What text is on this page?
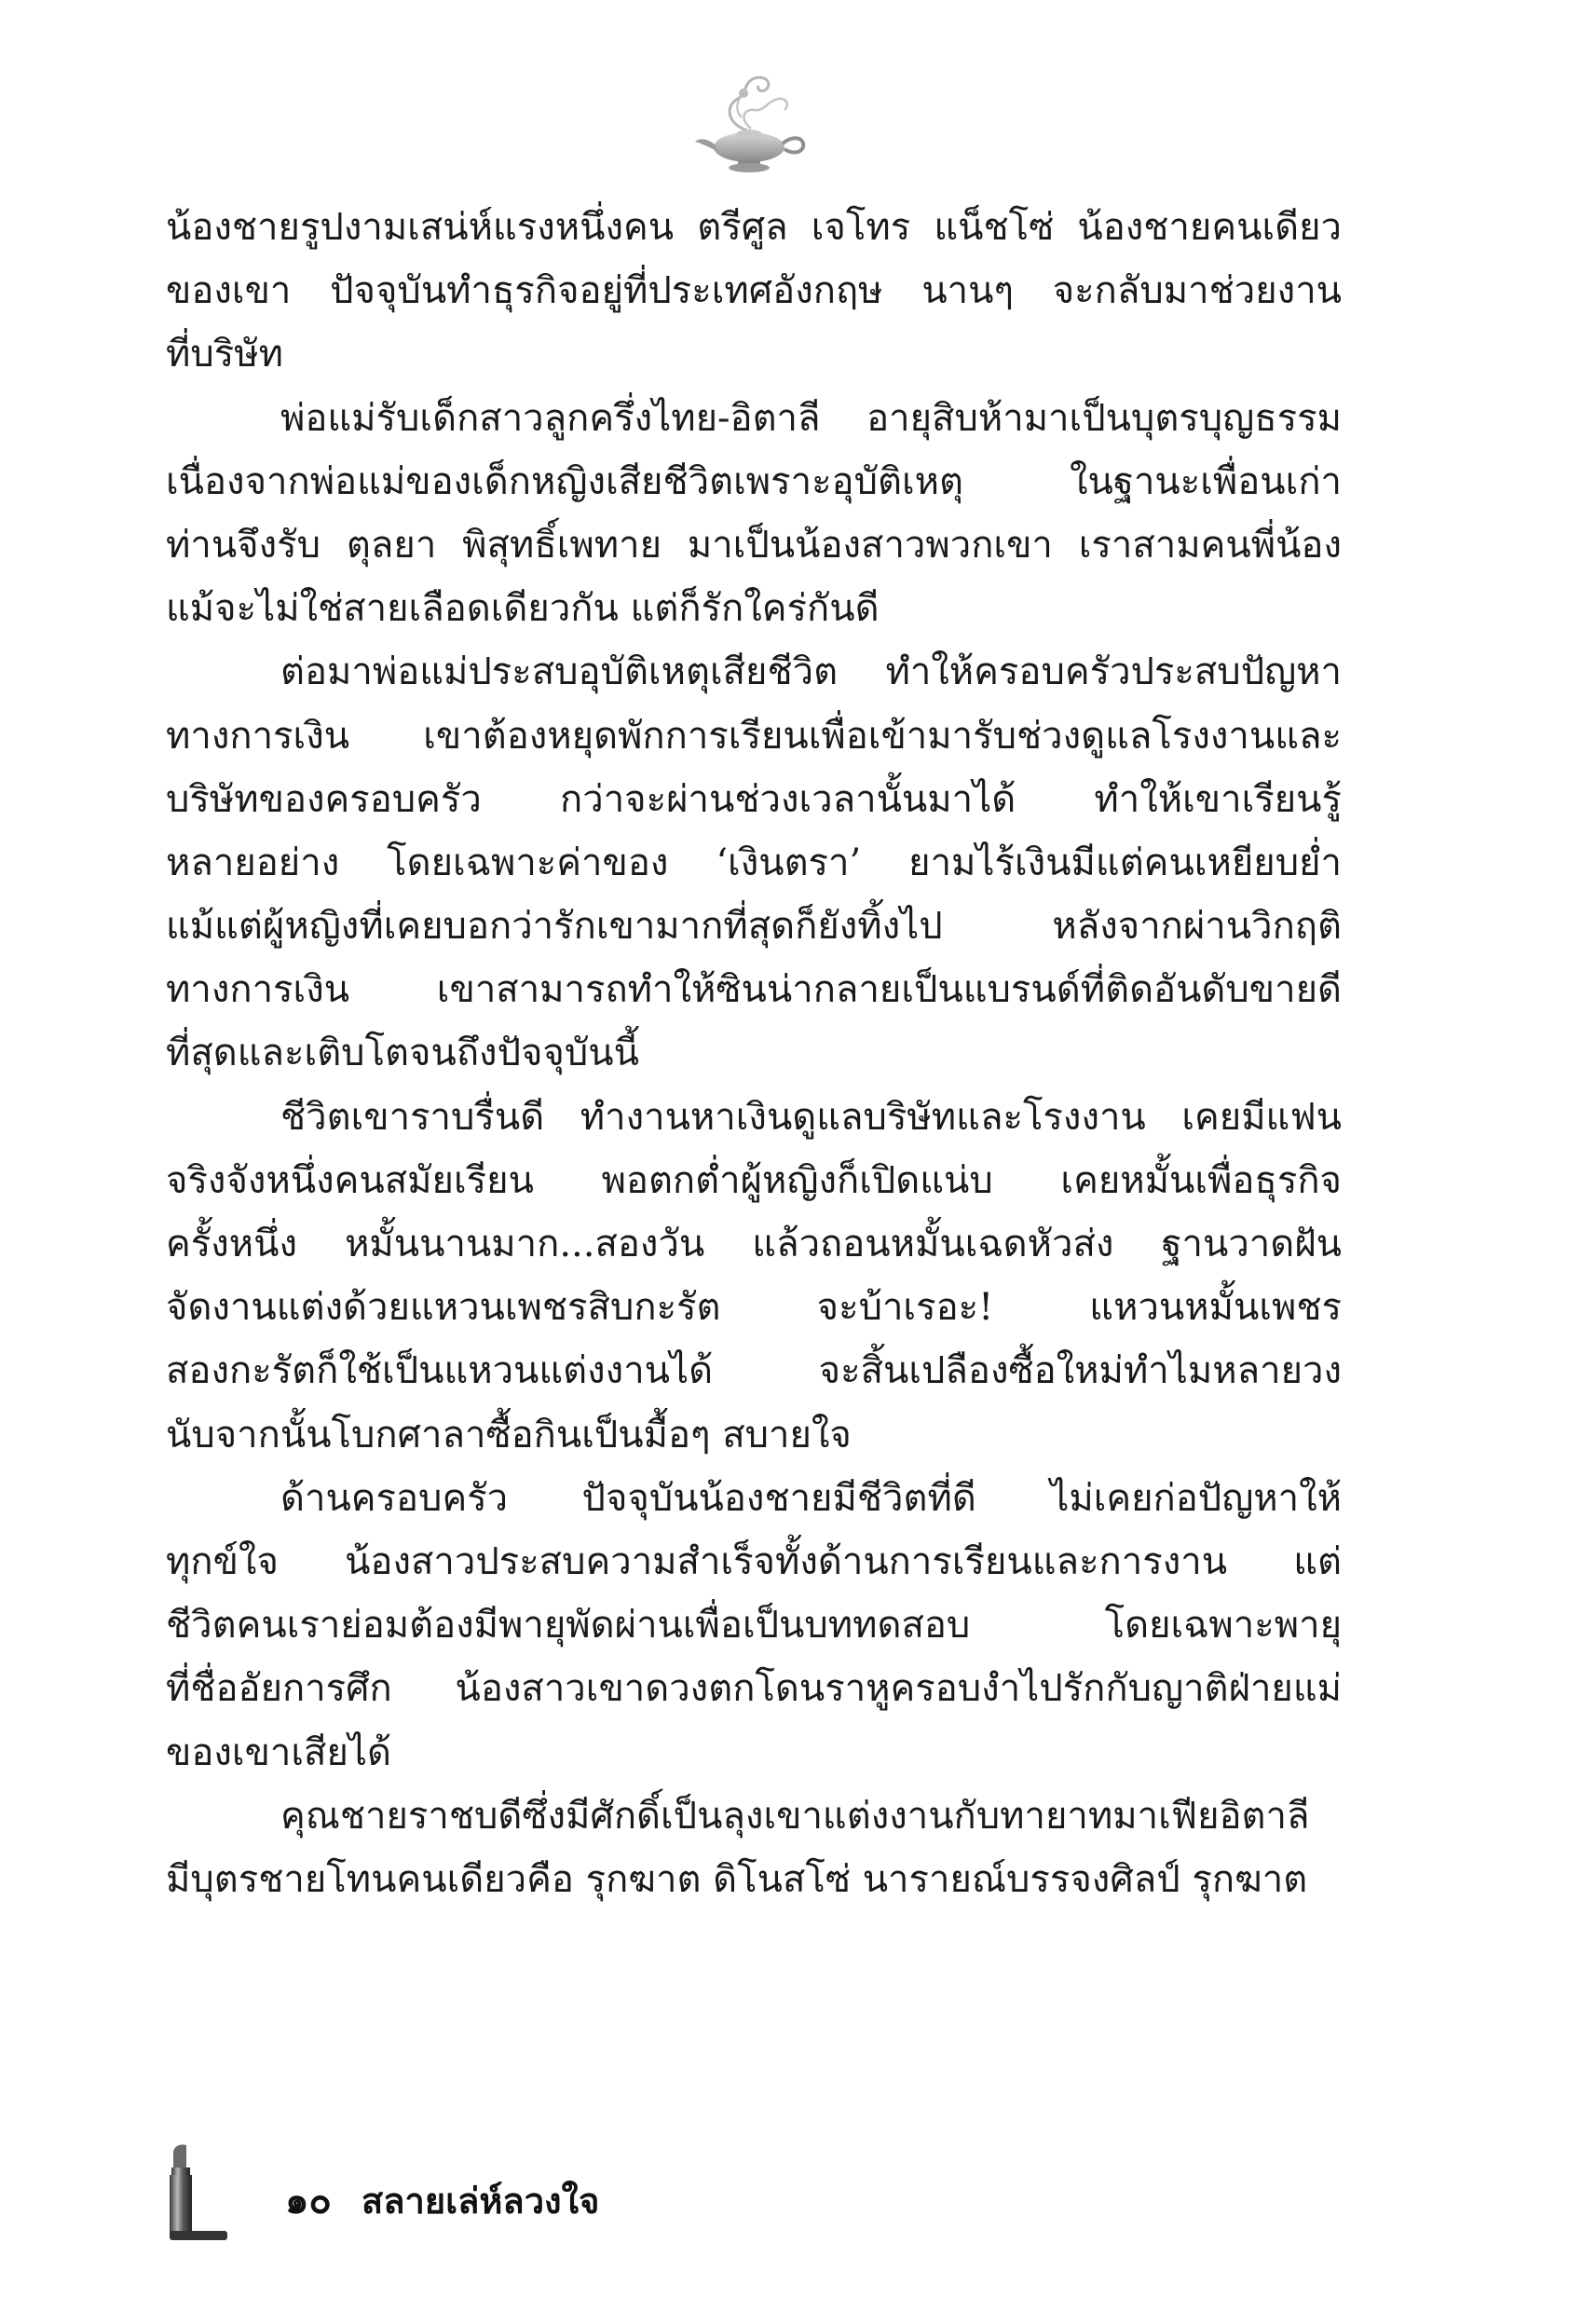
น้องชายรูปงามเสน่ห์แรงหนึ่งคน ตรีศูล เจโทร แน็ชโซ่ น้องชายคนเดียว
ของเขา ปัจจุบันทำธุรกิจอยู่ที่ประเทศอังกฤษ นานๆ จะกลับมาช่วยงาน
ที่บริษัท
พ่อแม่รับเด็กสาวลูกครึ่งไทย-อิตาลี อายุสิบห้ามาเป็นบุตรบุญธรรม
เนื่องจากพ่อแม่ของเด็กหญิงเสียชีวิตเพราะอุบัติเหตุ ในฐานะเพื่อนเก่า
ท่านจึงรับ ตุลยา พิสุทธิ์เพทาย มาเป็นน้องสาวพวกเขา เราสามคนพี่น้อง
แม้จะไม่ใช่สายเลือดเดียวกัน แต่ก็รักใคร่กันดี
ต่อมาพ่อแม่ประสบอุบัติเหตุเสียชีวิต ทำให้ครอบครัวประสบปัญหา
ทางการเงิน เขาต้องหยุดพักการเรียนเพื่อเข้ามารับช่วงดูแลโรงงานและ
บริษัทของครอบครัว กว่าจะผ่านช่วงเวลานั้นมาได้ ทำให้เขาเรียนรู้
หลายอย่าง โดยเฉพาะค่าของ ‘เงินตรา’ ยามไร้เงินมีแต่คนเหยียบย่ำ
แม้แต่ผู้หญิงที่เคยบอกว่ารักเขามากที่สุดก็ยังทิ้งไป หลังจากผ่านวิกฤติ
ทางการเงิน เขาสามารถทำให้ซินน่ากลายเป็นแบรนด์ที่ติดอันดับขายดี
ที่สุดและเติบโตจนถึงปัจจุบันนี้
ชีวิตเขาราบรื่นดี ทำงานหาเงินดูแลบริษัทและโรงงาน เคยมีแฟน
จริงจังหนึ่งคนสมัยเรียน พอตกต่ำผู้หญิงก็เปิดแน่บ เคยหมั้นเพื่อธุรกิจ
ครั้งหนึ่ง หมั้นนานมาก...สองวัน แล้วถอนหมั้นเฉดหัวส่ง ฐานวาดฝัน
จัดงานแต่งด้วยแหวนเพชรสิบกะรัต จะบ้าเรอะ! แหวนหมั้นเพชร
สองกะรัตก็ใช้เป็นแหวนแต่งงานได้ จะสิ้นเปลืองซื้อใหม่ทำไมหลายวง
นับจากนั้นโบกศาลาซื้อกินเป็นมื้อๆ สบายใจ
ด้านครอบครัว ปัจจุบันน้องชายมีชีวิตที่ดี ไม่เคยก่อปัญหาให้
ทุกข์ใจ น้องสาวประสบความสำเร็จทั้งด้านการเรียนและการงาน แต่
ชีวิตคนเราย่อมต้องมีพายุพัดผ่านเพื่อเป็นบททดสอบ โดยเฉพาะพายุ
ที่ชื่ออัยการศึก น้องสาวเขาดวงตกโดนราหูครอบงำไปรักกับญาติฝ่ายแม่
ของเขาเสียได้
คุณชายราชบดีซึ่งมีศักดิ์เป็นลุงเขาแต่งงานกับทายาทมาเฟียอิตาลี
มีบุตรชายโทนคนเดียวคือ รุกฆาต ดิโนสโซ่ นารายณ์บรรจงศิลป์ รุกฆาต
๑๐ สลายเล่ห์ลวงใจ
